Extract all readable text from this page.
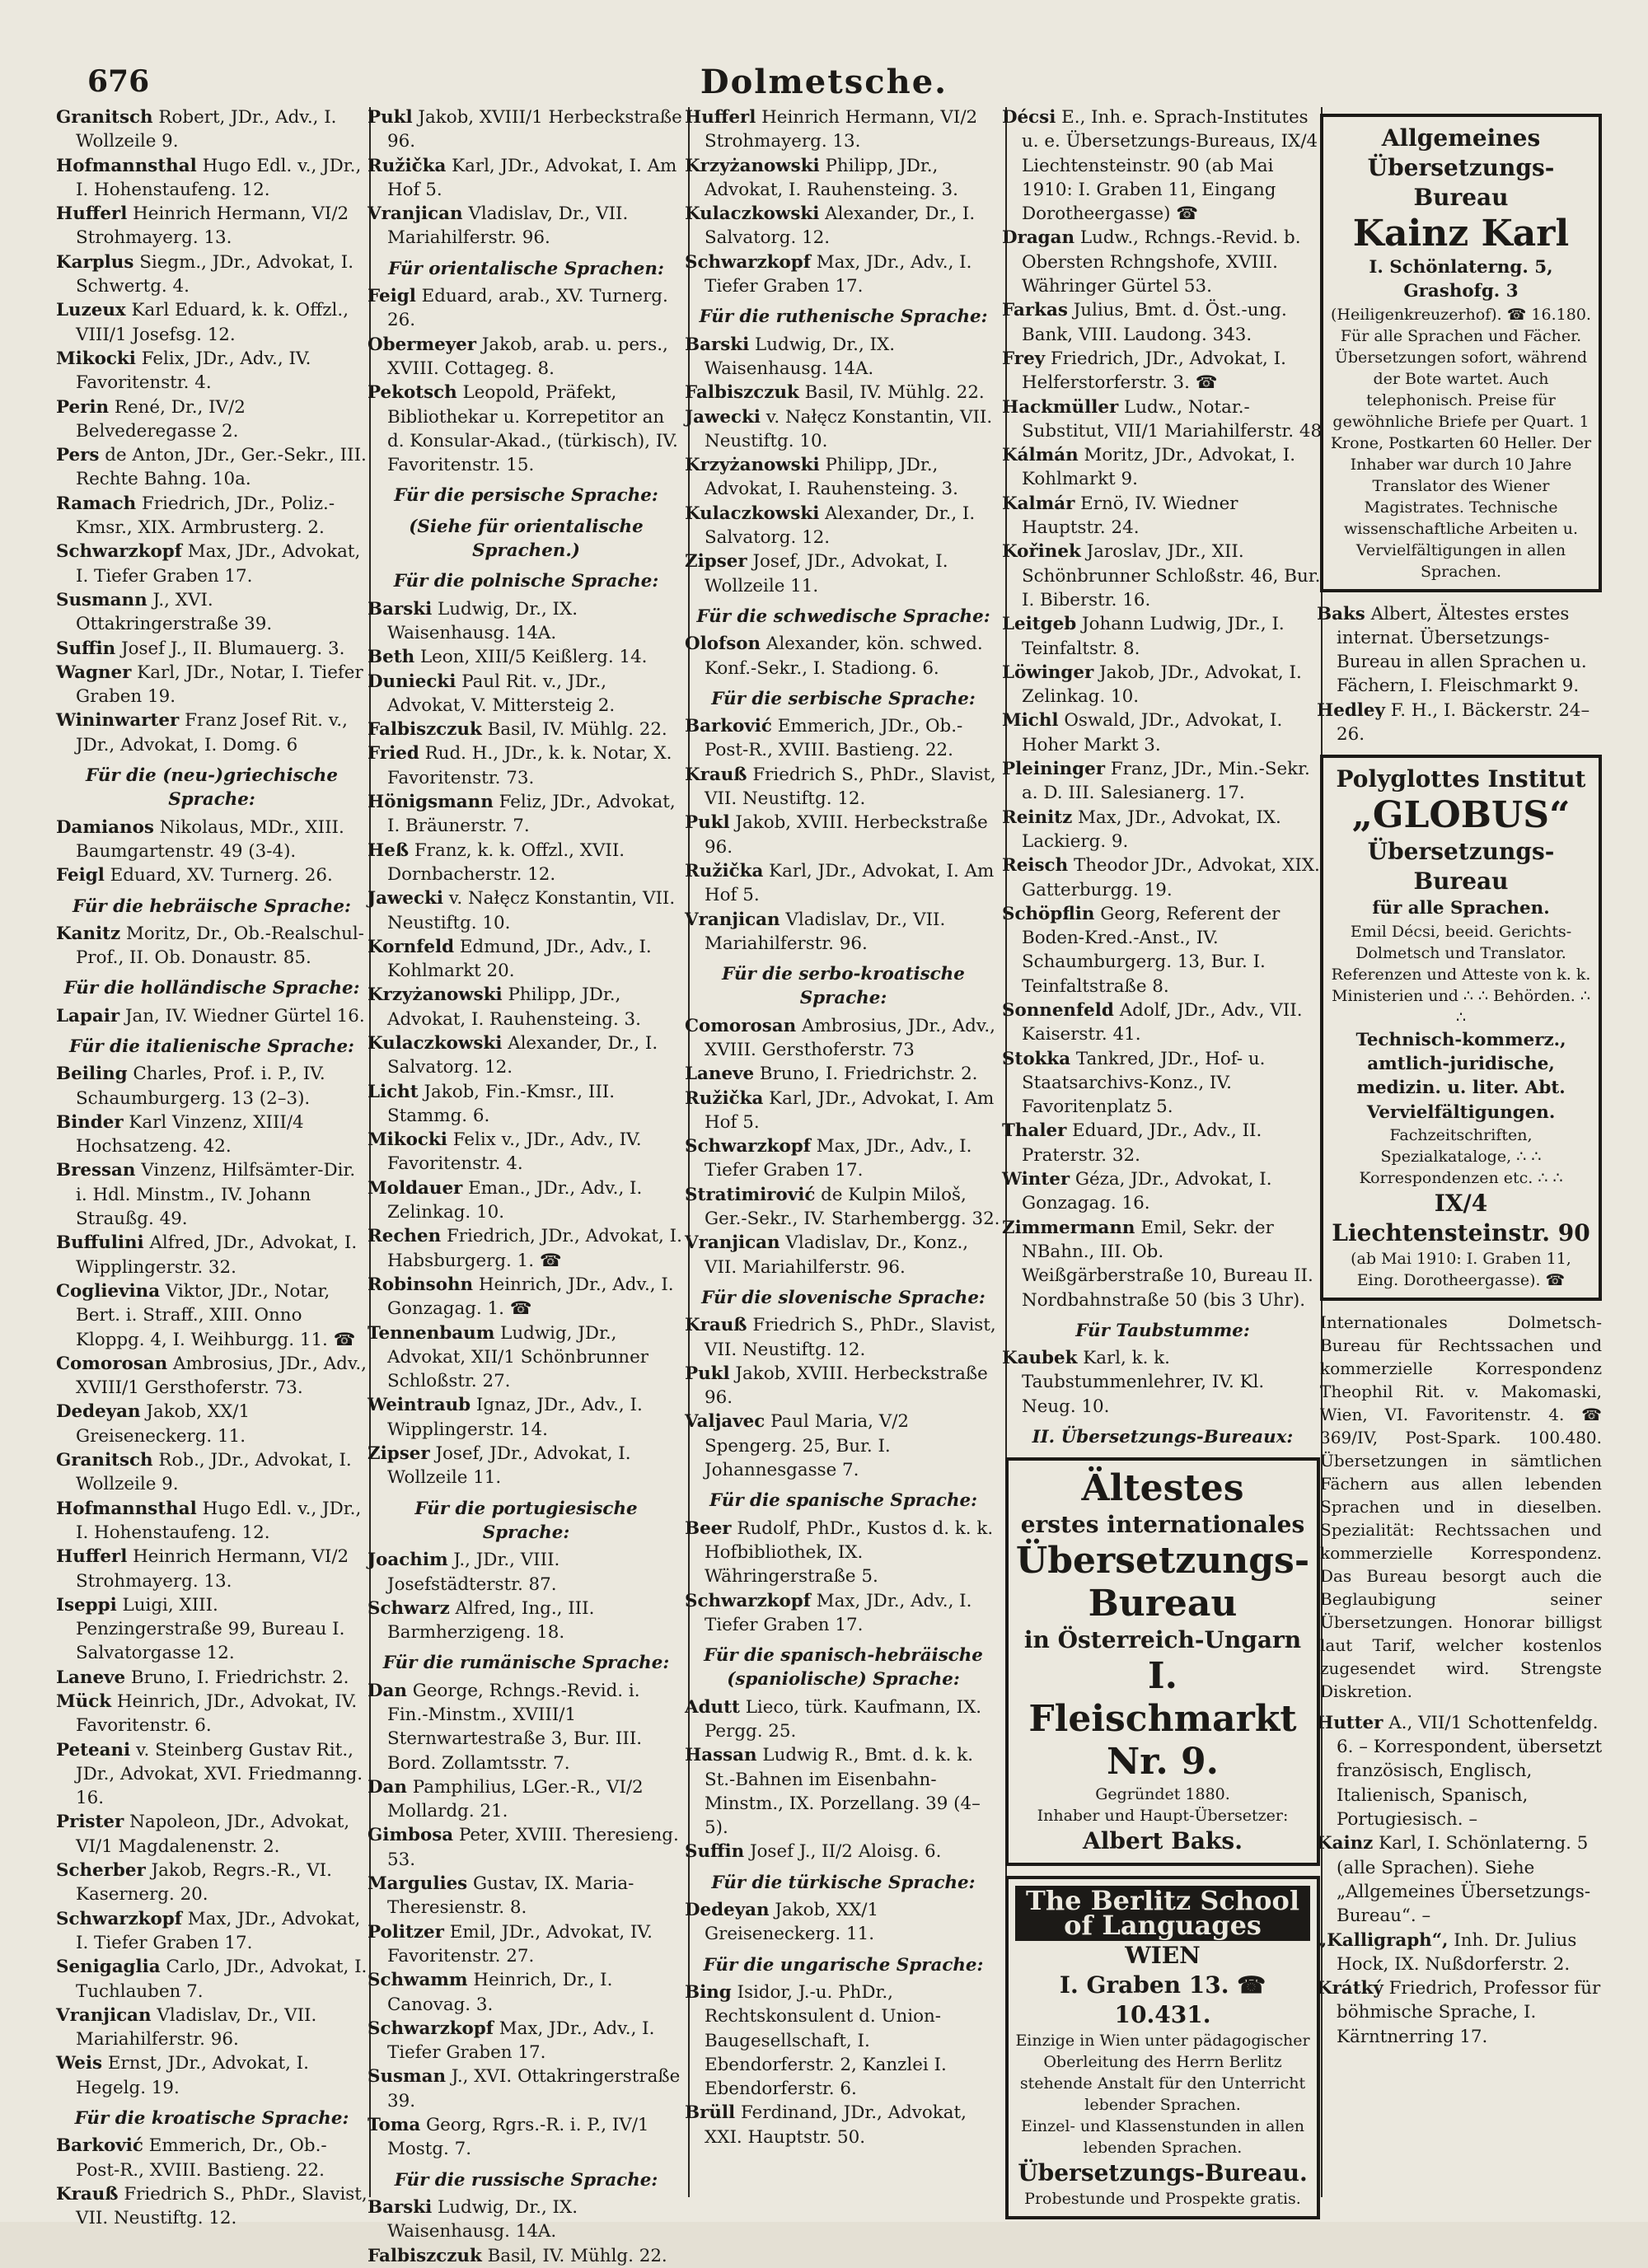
676	Dolmetsche.

Granitsch Robert, JDr., Adv., I. Wollzeile 9.

Hofmannsthal Hugo Edl. v., JDr., I. Hohenstaufeng. 12.

Hufferl Heinrich Hermann, VI/2 Strohmayerg. 13.

Karplus Siegm., JDr., Advokat, I. Schwertg. 4.

Luzeux Karl Eduard, k. k. Offzl., VIII/1 Josefsg. 12.

Mikocki Felix, JDr., Adv., IV. Favoritenstr. 4.

Perin René, Dr., IV/2 Belvederegasse 2.

Pers de Anton, JDr., Ger.-Sekr., III. Rechte Bahng. 10a.

Ramach Friedrich, JDr., Poliz.-Kmsr., XIX. Armbrusterg. 2.

Schwarzkopf Max, JDr., Advokat, I. Tiefer Graben 17.

Susmann J., XVI. Ottakringerstraße 39.

Suffin Josef J., II. Blumauerg. 3.

Wagner Karl, JDr., Notar, I. Tiefer Graben 19.

Wininwarter Franz Josef Rit. v., JDr., Advokat, I. Domg. 6

Für die (neu-)griechische Sprache:

Damianos Nikolaus, MDr., XIII. Baumgartenstr. 49 (3-4).

Feigl Eduard, XV. Turnerg. 26.

Für die hebräische Sprache:

Kanitz Moritz, Dr., Ob.-Realschul-Prof., II. Ob. Donaustr. 85.

Für die holländische Sprache:

Lapair Jan, IV. Wiedner Gürtel 16.

Für die italienische Sprache:

Beiling Charles, Prof. i. P., IV. Schaumburgerg. 13 (2–3).

Binder Karl Vinzenz, XIII/4 Hochsatzeng. 42.

Bressan Vinzenz, Hilfsämter-Dir. i. Hdl. Minstm., IV. Johann Straußg. 49.

Buffulini Alfred, JDr., Advokat, I. Wipplingerstr. 32.

Coglievina Viktor, JDr., Notar, Bert. i. Straff., XIII. Onno Kloppg. 4, I. Weihburgg. 11. ☎

Comorosan Ambrosius, JDr., Adv., XVIII/1 Gersthoferstr. 73.

Dedeyan Jakob, XX/1 Greiseneckerg. 11.

Granitsch Rob., JDr., Advokat, I. Wollzeile 9.

Hofmannsthal Hugo Edl. v., JDr., I. Hohenstaufeng. 12.

Hufferl Heinrich Hermann, VI/2 Strohmayerg. 13.

Iseppi Luigi, XIII. Penzingerstraße 99, Bureau I. Salvatorgasse 12.

Laneve Bruno, I. Friedrichstr. 2.

Mück Heinrich, JDr., Advokat, IV. Favoritenstr. 6.

Peteani v. Steinberg Gustav Rit., JDr., Advokat, XVI. Friedmanng. 16.

Prister Napoleon, JDr., Advokat, VI/1 Magdalenenstr. 2.

Scherber Jakob, Regrs.-R., VI. Kasernerg. 20.

Schwarzkopf Max, JDr., Advokat, I. Tiefer Graben 17.

Senigaglia Carlo, JDr., Advokat, I. Tuchlauben 7.

Vranjican Vladislav, Dr., VII. Mariahilferstr. 96.

Weis Ernst, JDr., Advokat, I. Hegelg. 19.

Für die kroatische Sprache:

Barković Emmerich, Dr., Ob.-Post-R., XVIII. Bastieng. 22.

Krauß Friedrich S., PhDr., Slavist, VII. Neustiftg. 12.

Pukl Jakob, XVIII/1 Herbeckstraße 96.

Ružička Karl, JDr., Advokat, I. Am Hof 5.

Vranjican Vladislav, Dr., VII. Mariahilferstr. 96.

Für orientalische Sprachen:

Feigl Eduard, arab., XV. Turnerg. 26.

Obermeyer Jakob, arab. u. pers., XVIII. Cottageg. 8.

Pekotsch Leopold, Präfekt, Bibliothekar u. Korrepetitor an d. Konsular-Akad., (türkisch), IV. Favoritenstr. 15.

Für die persische Sprache:
(Siehe für orientalische Sprachen.)
Für die polnische Sprache:

Barski Ludwig, Dr., IX. Waisenhausg. 14A.

Beth Leon, XIII/5 Keißlerg. 14.

Duniecki Paul Rit. v., JDr., Advokat, V. Mittersteig 2.

Falbiszczuk Basil, IV. Mühlg. 22.

Fried Rud. H., JDr., k. k. Notar, X. Favoritenstr. 73.

Hönigsmann Feliz, JDr., Advokat, I. Bräunerstr. 7.

Heß Franz, k. k. Offzl., XVII. Dornbacherstr. 12.

Jawecki v. Nałęcz Konstantin, VII. Neustiftg. 10.

Kornfeld Edmund, JDr., Adv., I. Kohlmarkt 20.

Krzyżanowski Philipp, JDr., Advokat, I. Rauhensteing. 3.

Kulaczkowski Alexander, Dr., I. Salvatorg. 12.

Licht Jakob, Fin.-Kmsr., III. Stammg. 6.

Mikocki Felix v., JDr., Adv., IV. Favoritenstr. 4.

Moldauer Eman., JDr., Adv., I. Zelinkag. 10.

Rechen Friedrich, JDr., Advokat, I. Habsburgerg. 1. ☎

Robinsohn Heinrich, JDr., Adv., I. Gonzagag. 1. ☎

Tennenbaum Ludwig, JDr., Advokat, XII/1 Schönbrunner Schloßstr. 27.

Weintraub Ignaz, JDr., Adv., I. Wipplingerstr. 14.

Zipser Josef, JDr., Advokat, I. Wollzeile 11.

Für die portugiesische Sprache:

Joachim J., JDr., VIII. Josefstädterstr. 87.

Schwarz Alfred, Ing., III. Barmherzigeng. 18.

Für die rumänische Sprache:

Dan George, Rchngs.-Revid. i. Fin.-Minstm., XVIII/1 Sternwartestraße 3, Bur. III. Bord. Zollamtsstr. 7.

Dan Pamphilius, LGer.-R., VI/2 Mollardg. 21.

Gimbosa Peter, XVIII. Theresieng. 53.

Margulies Gustav, IX. Maria-Theresienstr. 8.

Politzer Emil, JDr., Advokat, IV. Favoritenstr. 27.

Schwamm Heinrich, Dr., I. Canovag. 3.

Schwarzkopf Max, JDr., Adv., I. Tiefer Graben 17.

Susman J., XVI. Ottakringerstraße 39.

Toma Georg, Rgrs.-R. i. P., IV/1 Mostg. 7.

Für die russische Sprache:

Barski Ludwig, Dr., IX. Waisenhausg. 14A.

Falbiszczuk Basil, IV. Mühlg. 22.

Hufferl Heinrich Hermann, VI/2 Strohmayerg. 13.

Krzyżanowski Philipp, JDr., Advokat, I. Rauhensteing. 3.

Kulaczkowski Alexander, Dr., I. Salvatorg. 12.

Schwarzkopf Max, JDr., Adv., I. Tiefer Graben 17.

Für die ruthenische Sprache:

Barski Ludwig, Dr., IX. Waisenhausg. 14A.

Falbiszczuk Basil, IV. Mühlg. 22.

Jawecki v. Nałęcz Konstantin, VII. Neustiftg. 10.

Krzyżanowski Philipp, JDr., Advokat, I. Rauhensteing. 3.

Kulaczkowski Alexander, Dr., I. Salvatorg. 12.

Zipser Josef, JDr., Advokat, I. Wollzeile 11.

Für die schwedische Sprache:

Olofson Alexander, kön. schwed. Konf.-Sekr., I. Stadiong. 6.

Für die serbische Sprache:

Barković Emmerich, JDr., Ob.-Post-R., XVIII. Bastieng. 22.

Krauß Friedrich S., PhDr., Slavist, VII. Neustiftg. 12.

Pukl Jakob, XVIII. Herbeckstraße 96.

Ružička Karl, JDr., Advokat, I. Am Hof 5.

Vranjican Vladislav, Dr., VII. Mariahilferstr. 96.

Für die serbo-kroatische Sprache:

Comorosan Ambrosius, JDr., Adv., XVIII. Gersthoferstr. 73

Laneve Bruno, I. Friedrichstr. 2.

Ružička Karl, JDr., Advokat, I. Am Hof 5.

Schwarzkopf Max, JDr., Adv., I. Tiefer Graben 17.

Stratimirović de Kulpin Miloš, Ger.-Sekr., IV. Starhembergg. 32.

Vranjican Vladislav, Dr., Konz., VII. Mariahilferstr. 96.

Für die slovenische Sprache:

Krauß Friedrich S., PhDr., Slavist, VII. Neustiftg. 12.

Pukl Jakob, XVIII. Herbeckstraße 96.

Valjavec Paul Maria, V/2 Spengerg. 25, Bur. I. Johannesgasse 7.

Für die spanische Sprache:

Beer Rudolf, PhDr., Kustos d. k. k. Hofbibliothek, IX. Währingerstraße 5.

Schwarzkopf Max, JDr., Adv., I. Tiefer Graben 17.

Für die spanisch-hebräische (spaniolische) Sprache:

Adutt Lieco, türk. Kaufmann, IX. Pergg. 25.

Hassan Ludwig R., Bmt. d. k. k. St.-Bahnen im Eisenbahn-Minstm., IX. Porzellang. 39 (4–5).

Suffin Josef J., II/2 Aloisg. 6.

Für die türkische Sprache:

Dedeyan Jakob, XX/1 Greiseneckerg. 11.

Für die ungarische Sprache:

Bing Isidor, J.-u. PhDr., Rechtskonsulent d. Union-Baugesellschaft, I. Ebendorferstr. 2, Kanzlei I. Ebendorferstr. 6.

Brüll Ferdinand, JDr., Advokat, XXI. Hauptstr. 50.

Décsi E., Inh. e. Sprach-Institutes u. e. Übersetzungs-Bureaus, IX/4 Liechtensteinstr. 90 (ab Mai 1910: I. Graben 11, Eingang Dorotheergasse) ☎

Dragan Ludw., Rchngs.-Revid. b. Obersten Rchngshofe, XVIII. Währinger Gürtel 53.

Farkas Julius, Bmt. d. Öst.-ung. Bank, VIII. Laudong. 343.

Frey Friedrich, JDr., Advokat, I. Helferstorferstr. 3. ☎

Hackmüller Ludw., Notar.-Substitut, VII/1 Mariahilferstr. 48

Kálmán Moritz, JDr., Advokat, I. Kohlmarkt 9.

Kalmár Ernö, IV. Wiedner Hauptstr. 24.

Kořinek Jaroslav, JDr., XII. Schönbrunner Schloßstr. 46, Bur. I. Biberstr. 16.

Leitgeb Johann Ludwig, JDr., I. Teinfaltstr. 8.

Löwinger Jakob, JDr., Advokat, I. Zelinkag. 10.

Michl Oswald, JDr., Advokat, I. Hoher Markt 3.

Pleininger Franz, JDr., Min.-Sekr. a. D. III. Salesianerg. 17.

Reinitz Max, JDr., Advokat, IX. Lackierg. 9.

Reisch Theodor JDr., Advokat, XIX. Gatterburgg. 19.

Schöpflin Georg, Referent der Boden-Kred.-Anst., IV. Schaumburgerg. 13, Bur. I. Teinfaltstraße 8.

Sonnenfeld Adolf, JDr., Adv., VII. Kaiserstr. 41.

Stokka Tankred, JDr., Hof- u. Staatsarchivs-Konz., IV. Favoritenplatz 5.

Thaler Eduard, JDr., Adv., II. Praterstr. 32.

Winter Géza, JDr., Advokat, I. Gonzagag. 16.

Zimmermann Emil, Sekr. der NBahn., III. Ob. Weißgärberstraße 10, Bureau II. Nordbahnstraße 50 (bis 3 Uhr).

Für Taubstumme:

Kaubek Karl, k. k. Taubstummenlehrer, IV. Kl. Neug. 10.

II. Übersetzungs-Bureaux:

Ältestes

erstes internationales

Übersetzungs-Bureau

in Österreich-Ungarn

I. Fleischmarkt Nr. 9.

Gegründet 1880.

Inhaber und Haupt-Übersetzer:

Albert Baks.

The Berlitz School of Languages

WIEN

I. Graben 13. ☎ 10.431.

Einzige in Wien unter pädagogischer Oberleitung des Herrn Berlitz stehende Anstalt für den Unterricht lebender Sprachen.

Einzel- und Klassenstunden in allen lebenden Sprachen.

Übersetzungs-Bureau.

Probestunde und Prospekte gratis.

Allgemeines Übersetzungs-Bureau

Kainz Karl

I. Schönlaterng. 5, Grashofg. 3

(Heiligenkreuzerhof). ☎ 16.180.

Für alle Sprachen und Fächer. Übersetzungen sofort, während der Bote wartet. Auch telephonisch. Preise für gewöhnliche Briefe per Quart. 1 Krone, Postkarten 60 Heller. Der Inhaber war durch 10 Jahre Translator des Wiener Magistrates. Technische wissenschaftliche Arbeiten u. Vervielfältigungen in allen Sprachen.

Baks Albert, Ältestes erstes internat. Übersetzungs-Bureau in allen Sprachen u. Fächern, I. Fleischmarkt 9.

Hedley F. H., I. Bäckerstr. 24–26.

Polyglottes Institut

„GLOBUS“

Übersetzungs-Bureau

für alle Sprachen.

Emil Décsi, beeid. Gerichts-Dolmetsch und Translator.

Referenzen und Atteste von k. k. Ministerien und ∴ ∴ Behörden. ∴ ∴

Technisch-kommerz., amtlich-juridische, medizin. u. liter. Abt.

Vervielfältigungen.

Fachzeitschriften, Spezialkataloge, ∴ ∴ Korrespondenzen etc. ∴ ∴

IX/4 Liechtensteinstr. 90

(ab Mai 1910: I. Graben 11, Eing. Dorotheergasse). ☎

Internationales Dolmetsch-Bureau für Rechtssachen und kommerzielle Korrespondenz Theophil Rit. v. Makomaski, Wien, VI. Favoritenstr. 4. ☎ 369/IV, Post-Spark. 100.480. Übersetzungen in sämtlichen Fächern aus allen lebenden Sprachen und in dieselben. Spezialität: Rechtssachen und kommerzielle Korrespondenz. Das Bureau besorgt auch die Beglaubigung seiner Übersetzungen. Honorar billigst laut Tarif, welcher kostenlos zugesendet wird. Strengste Diskretion.

Hutter A., VII/1 Schottenfeldg. 6. – Korrespondent, übersetzt französisch, Englisch, Italienisch, Spanisch, Portugiesisch. –

Kainz Karl, I. Schönlaterng. 5 (alle Sprachen). Siehe „Allgemeines Übersetzungs-Bureau“. –

„Kalligraph“, Inh. Dr. Julius Hock, IX. Nußdorferstr. 2.

Krátký Friedrich, Professor für böhmische Sprache, I. Kärntnerring 17.
